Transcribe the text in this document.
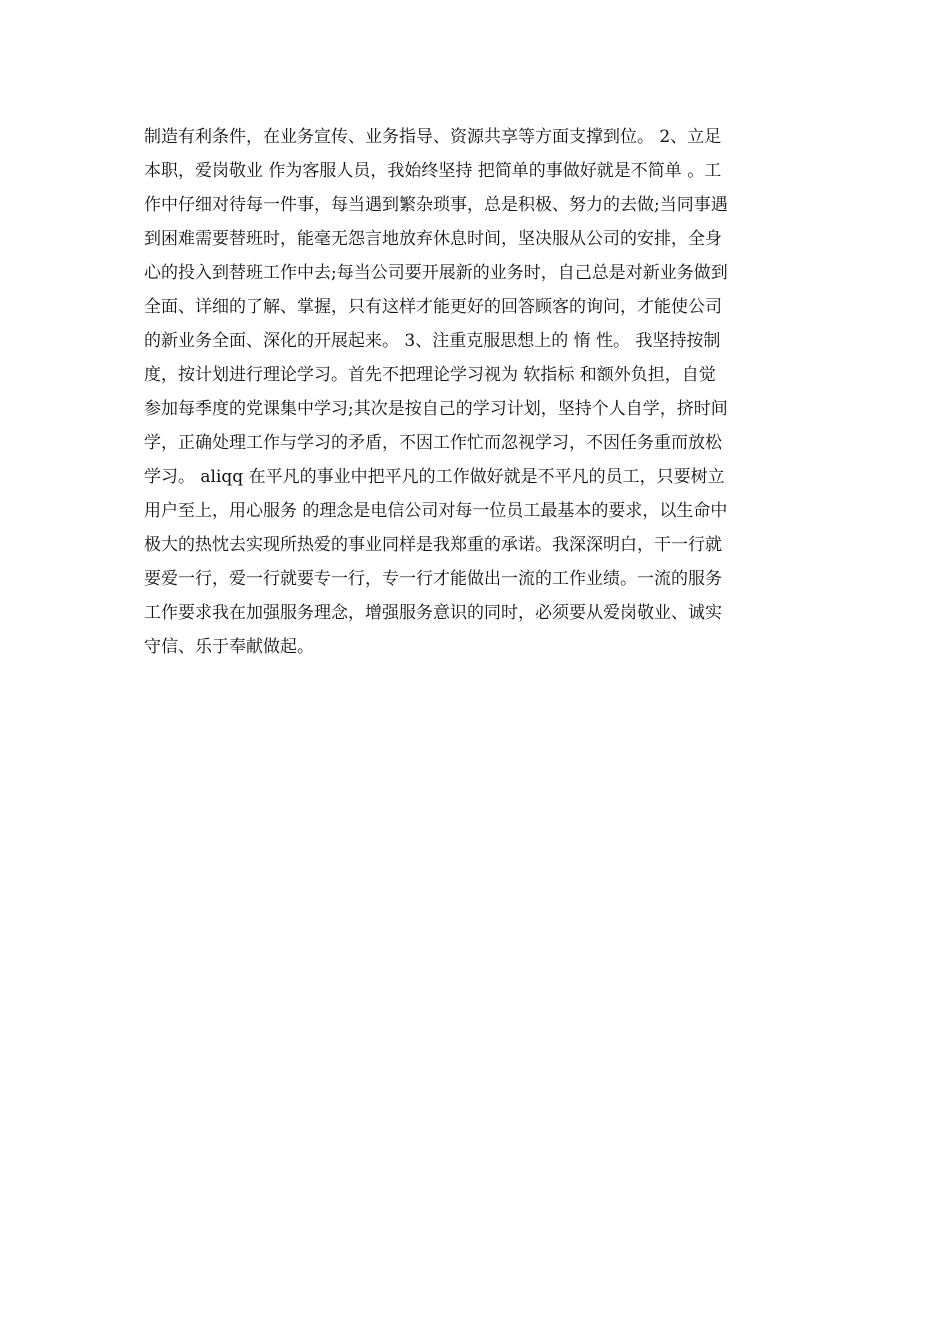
制造有利条件，在业务宣传、业务指导、资源共享等方面支撑到位。 2、立足
本职，爱岗敬业 作为客服人员，我始终坚持 把简单的事做好就是不简单 。工
作中仔细对待每一件事，每当遇到繁杂琐事，总是积极、努力的去做;当同事遇
到困难需要替班时，能毫无怨言地放弃休息时间，坚决服从公司的安排，全身
心的投入到替班工作中去;每当公司要开展新的业务时，自己总是对新业务做到
全面、详细的了解、掌握，只有这样才能更好的回答顾客的询问，才能使公司
的新业务全面、深化的开展起来。 3、注重克服思想上的 惰 性。 我坚持按制
度，按计划进行理论学习。首先不把理论学习视为 软指标 和额外负担，自觉
参加每季度的党课集中学习;其次是按自己的学习计划，坚持个人自学，挤时间
学，正确处理工作与学习的矛盾，不因工作忙而忽视学习，不因任务重而放松
学习。 aliqq 在平凡的事业中把平凡的工作做好就是不平凡的员工，只要树立
用户至上，用心服务 的理念是电信公司对每一位员工最基本的要求，以生命中
极大的热忱去实现所热爱的事业同样是我郑重的承诺。我深深明白，干一行就
要爱一行，爱一行就要专一行，专一行才能做出一流的工作业绩。一流的服务
工作要求我在加强服务理念，增强服务意识的同时，必须要从爱岗敬业、诚实
守信、乐于奉献做起。
